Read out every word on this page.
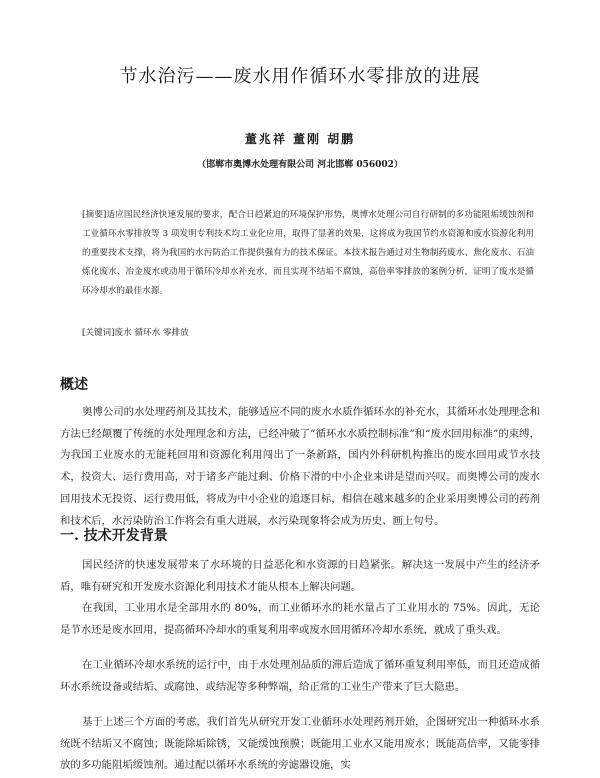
节水治污——废水用作循环水零排放的进展
董兆祥 董刚 胡鹏
（邯郸市奥博水处理有限公司 河北邯郸 056002）

[摘要]适应国民经济快速发展的要求，配合日趋紧迫的环境保护形势，奥博水处理公司自行研制的多功能阻垢缓蚀剂和工业循环水零排放等 3 项发明专利技术均工业化应用，取得了显著的效果，这将成为我国节约水资源和废水资源化利用的重要技术支撑，将为我国的水污防治工作提供强有力的技术保证。本技术报告通过对生物制药废水、焦化废水、石油炼化废水、冶金废水或动用于循环冷却水补充水，而且实现不结垢不腐蚀，高倍率零排放的案例分析，证明了废水是循环冷却水的最佳水源。

[关键词]废水 循环水 零排放

概述

奥博公司的水处理药剂及其技术，能够适应不同的废水水质作循环水的补充水，其循环水处理理念和方法已经颠覆了传统的水处理理念和方法，已经冲破了“循环水水质控制标准”和“废水回用标准”的束缚，为我国工业废水的无能耗回用和资源化利用闯出了一条新路，国内外科研机构推出的废水回用或节水技术，投资大、运行费用高，对于诸多产能过剩、价格下滑的中小企业来讲是望而兴叹。而奥博公司的废水回用技术无投资、运行费用低，将成为中小企业的追逐目标，相信在越来越多的企业采用奥博公司的药剂和技术后，水污染防治工作将会有重大进展，水污染现象将会成为历史、画上句号。

一. 技术开发背景

国民经济的快速发展带来了水环境的日益恶化和水资源的日趋紧张。解决这一发展中产生的经济矛盾，唯有研究和开发废水资源化利用技术才能从根本上解决问题。

在我国，工业用水是全部用水的 80%，而工业循环水的耗水量占了工业用水的 75%。因此，无论是节水还是废水回用，提高循环冷却水的重复利用率或废水回用循环冷却水系统，就成了重头戏。

在工业循环冷却水系统的运行中，由于水处理剂品质的滞后造成了循环重复利用率低，而且还造成循环水系统设备或结垢、或腐蚀、或结泥等多种弊端，给正常的工业生产带来了巨大隐患。

基于上述三个方面的考虑，我们首先从研究开发工业循环水处理药剂开始，企图研究出一种循环水系统既不结垢又不腐蚀；既能除垢除锈，又能缓蚀预膜；既能用工业水又能用废水；既能高倍率，又能零排放的多功能阻垢缓蚀剂。通过配以循环水系统的旁滤器设施，实
